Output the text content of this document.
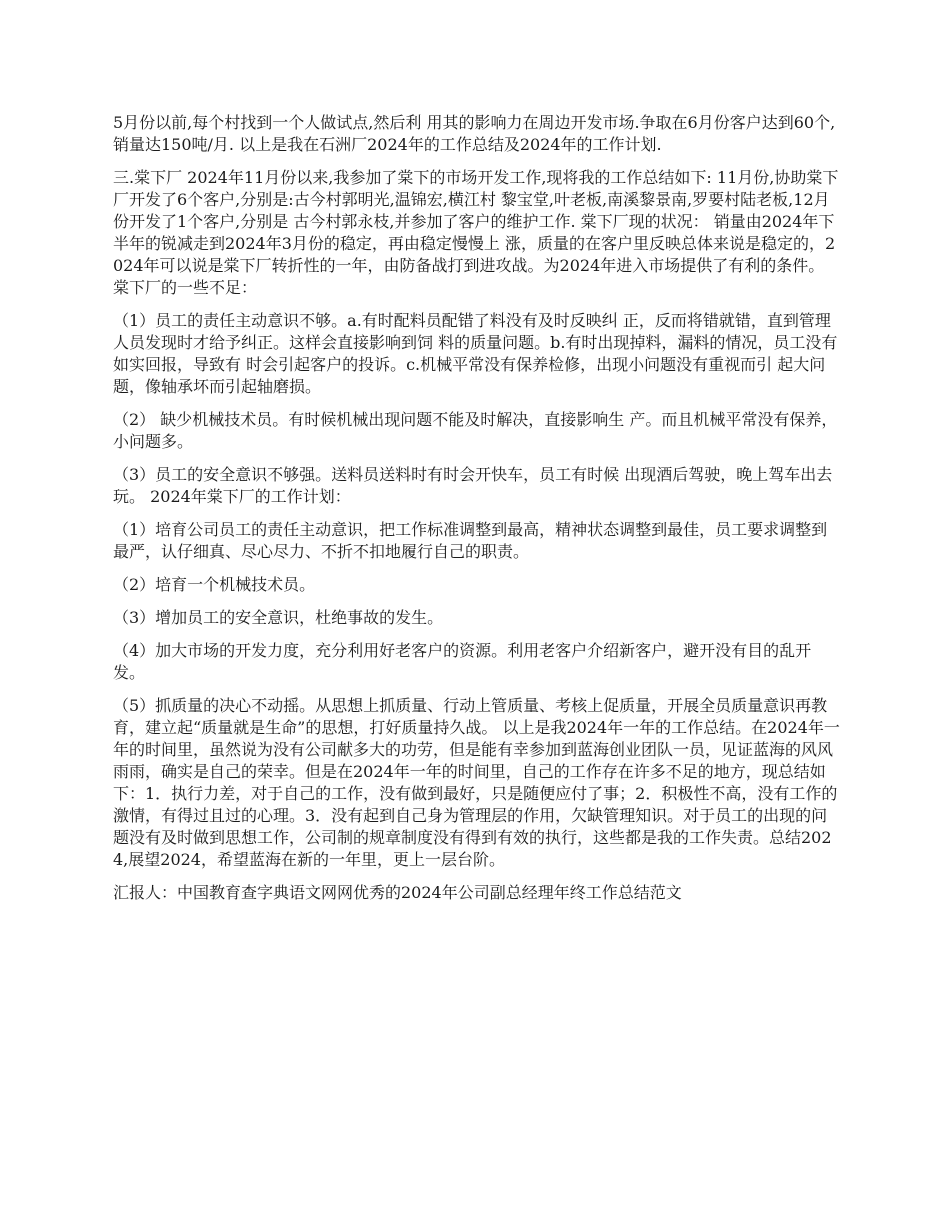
5月份以前,每个村找到一个人做试点,然后利 用其的影响力在周边开发市场.争取在6月份客户达到60个,销量达150吨/月. 以上是我在石洲厂2024年的工作总结及2024年的工作计划.

三.棠下厂 2024年11月份以来,我参加了棠下的市场开发工作,现将我的工作总结如下: 11月份,协助棠下厂开发了6个客户,分别是:古今村郭明光,温锦宏,横江村 黎宝堂,叶老板,南溪黎景南,罗要村陆老板,12月份开发了1个客户,分别是 古今村郭永枝,并参加了客户的维护工作. 棠下厂现的状况： 销量由2024年下半年的锐减走到2024年3月份的稳定，再由稳定慢慢上 涨，质量的在客户里反映总体来说是稳定的，2024年可以说是棠下厂转折性的一年，由防备战打到进攻战。为2024年进入市场提供了有利的条件。 棠下厂的一些不足：

（1）员工的责任主动意识不够。a.有时配料员配错了料没有及时反映纠 正，反而将错就错，直到管理人员发现时才给予纠正。这样会直接影响到饲 料的质量问题。b.有时出现掉料，漏料的情况，员工没有如实回报，导致有 时会引起客户的投诉。c.机械平常没有保养检修，出现小问题没有重视而引 起大问题，像轴承坏而引起轴磨损。

（2） 缺少机械技术员。有时候机械出现问题不能及时解决，直接影响生 产。而且机械平常没有保养，小问题多。

（3）员工的安全意识不够强。送料员送料时有时会开快车，员工有时候 出现酒后驾驶，晚上驾车出去玩。 2024年棠下厂的工作计划：

（1）培育公司员工的责任主动意识，把工作标准调整到最高，精神状态调整到最佳，员工要求调整到最严，认仔细真、尽心尽力、不折不扣地履行自己的职责。

（2）培育一个机械技术员。

（3）增加员工的安全意识，杜绝事故的发生。

（4）加大市场的开发力度，充分利用好老客户的资源。利用老客户介绍新客户，避开没有目的乱开发。

（5）抓质量的决心不动摇。从思想上抓质量、行动上管质量、考核上促质量，开展全员质量意识再教育，建立起“质量就是生命”的思想，打好质量持久战。 以上是我2024年一年的工作总结。在2024年一年的时间里，虽然说为没有公司献多大的功劳，但是能有幸参加到蓝海创业团队一员，见证蓝海的风风雨雨，确实是自己的荣幸。但是在2024年一年的时间里，自己的工作存在许多不足的地方，现总结如下：1．执行力差，对于自己的工作，没有做到最好，只是随便应付了事；2．积极性不高，没有工作的激情，有得过且过的心理。3．没有起到自己身为管理层的作用，欠缺管理知识。对于员工的出现的问题没有及时做到思想工作，公司制的规章制度没有得到有效的执行，这些都是我的工作失责。总结2024,展望2024，希望蓝海在新的一年里，更上一层台阶。

汇报人：中国教育查字典语文网网优秀的2024年公司副总经理年终工作总结范文
